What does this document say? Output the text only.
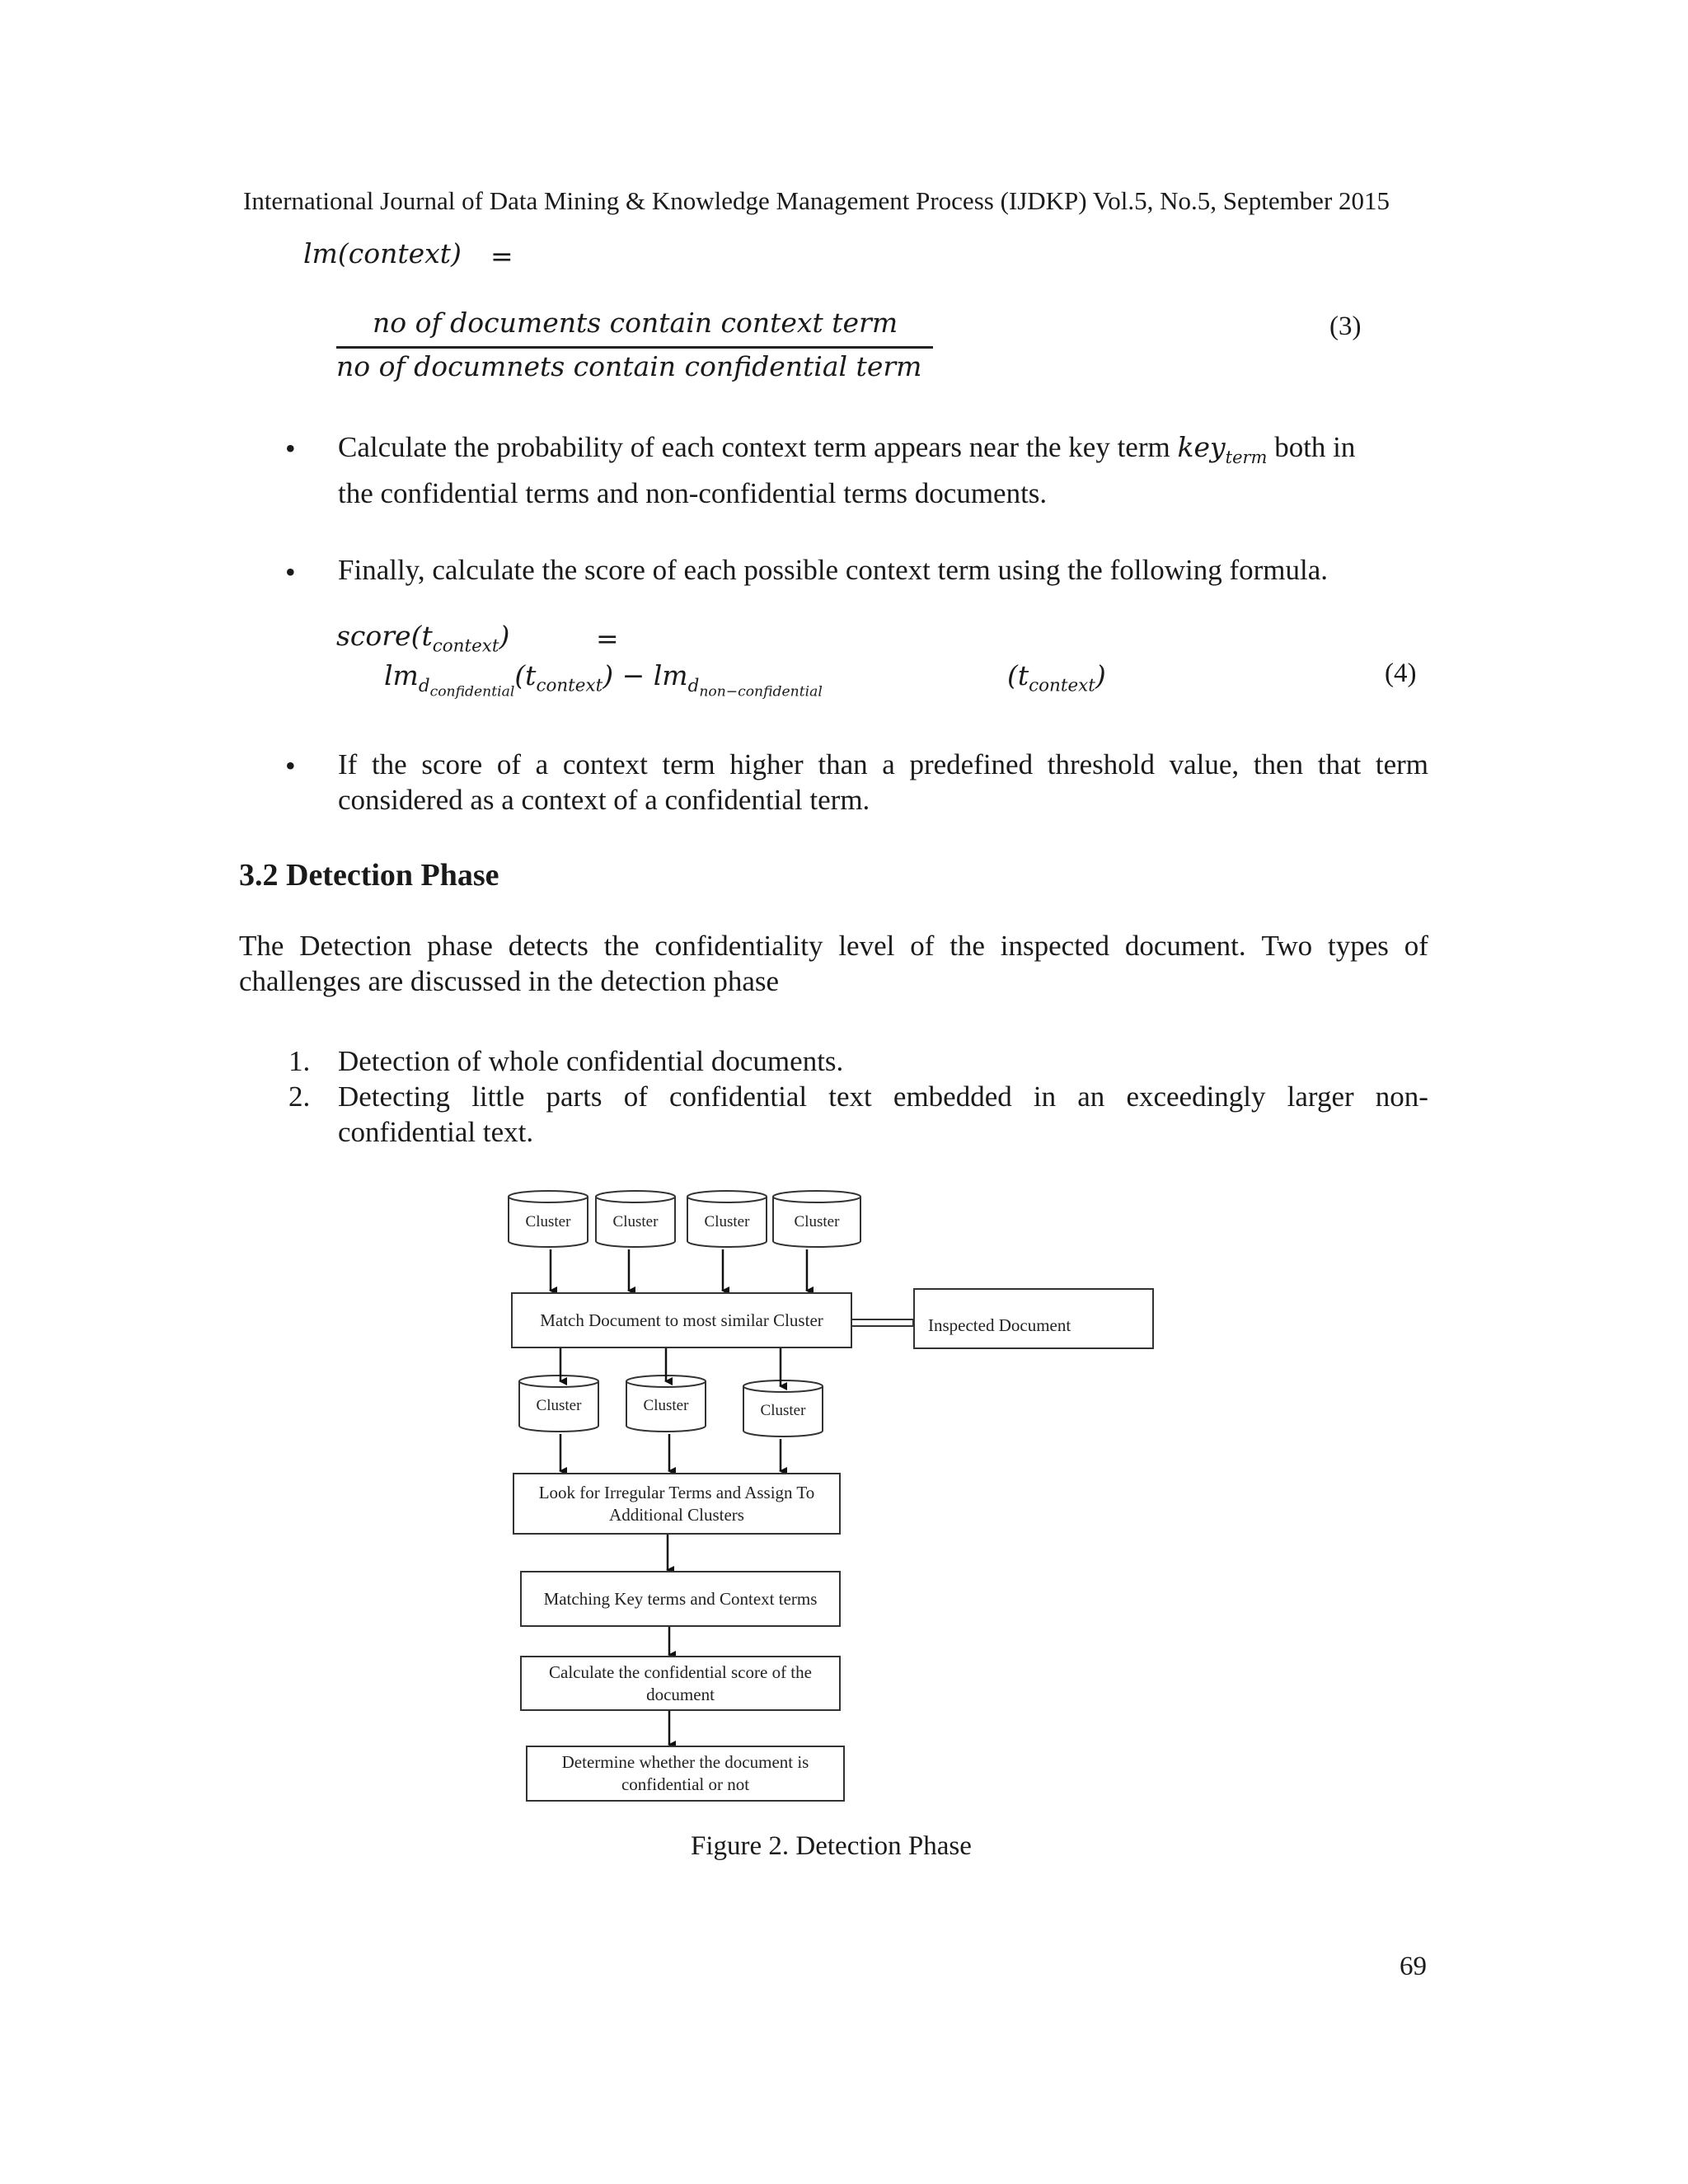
International Journal of Data Mining & Knowledge Management Process (IJDKP) Vol.5, No.5, September 2015
lm(context) =
no of documents contain context term
no of documnets contain confidential term
(3)
• Calculate the probability of each context term appears near the key term key$_{term}$ both in
the confidential terms and non-confidential terms documents.
• Finally, calculate the score of each possible context term using the following formula.
$score(t_{context})$	=
$lm_{d_{confidential}}(t_{context}) - lm_{d_{non-confidential}}$	$(t_{context})$	(4)
• If the score of a context term higher than a predefined threshold value, then that term
considered as a context of a confidential term.
3.2 Detection Phase
The Detection phase detects the confidentiality level of the inspected document. Two types of
challenges are discussed in the detection phase
1. Detection of whole confidential documents.
2. Detecting little parts of confidential text embedded in an exceedingly larger non-
confidential text.
Cluster	Cluster	Cluster	Cluster
Cluster	Cluster	Cluster
Match Document to most similar Cluster	Inspected Document
Look for Irregular Terms and Assign To Additional Clusters
Matching Key terms and Context terms
Calculate the confidential score of the document
Determine whether the document is confidential or not
Figure 2. Detection Phase
69
